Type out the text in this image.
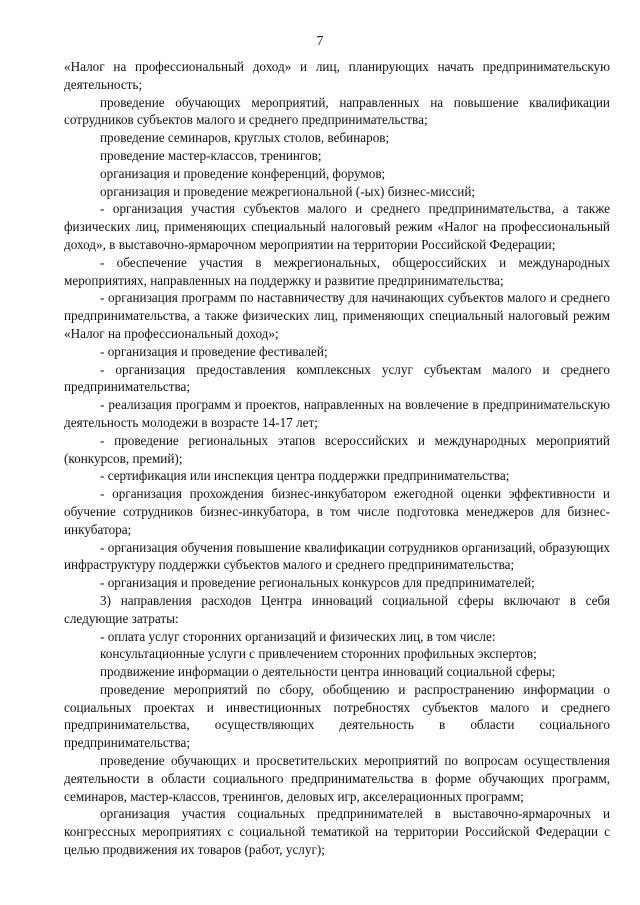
7

«Налог на профессиональный доход» и лиц, планирующих начать предпринимательскую деятельность;

проведение обучающих мероприятий, направленных на повышение квалификации сотрудников субъектов малого и среднего предпринимательства;

проведение семинаров, круглых столов, вебинаров;

проведение мастер-классов, тренингов;

организация и проведение конференций, форумов;

организация и проведение межрегиональной (-ых) бизнес-миссий;

- организация участия субъектов малого и среднего предпринимательства, а также физических лиц, применяющих специальный налоговый режим «Налог на профессиональный доход», в выставочно-ярмарочном мероприятии на территории Российской Федерации;

- обеспечение участия в межрегиональных, общероссийских и международных мероприятиях, направленных на поддержку и развитие предпринимательства;

- организация программ по наставничеству для начинающих субъектов малого и среднего предпринимательства, а также физических лиц, применяющих специальный налоговый режим «Налог на профессиональный доход»;

- организация и проведение фестивалей;

- организация предоставления комплексных услуг субъектам малого и среднего предпринимательства;

- реализация программ и проектов, направленных на вовлечение в предпринимательскую деятельность молодежи в возрасте 14-17 лет;

- проведение региональных этапов всероссийских и международных мероприятий (конкурсов, премий);

- сертификация или инспекция центра поддержки предпринимательства;

- организация прохождения бизнес-инкубатором ежегодной оценки эффективности и обучение сотрудников бизнес-инкубатора, в том числе подготовка менеджеров для бизнес-инкубатора;

- организация обучения повышение квалификации сотрудников организаций, образующих инфраструктуру поддержки субъектов малого и среднего предпринимательства;

- организация и проведение региональных конкурсов для предпринимателей;

3) направления расходов Центра инноваций социальной сферы включают в себя следующие затраты:

- оплата услуг сторонних организаций и физических лиц, в том числе:

консультационные услуги с привлечением сторонних профильных экспертов;

продвижение информации о деятельности центра инноваций социальной сферы;

проведение мероприятий по сбору, обобщению и распространению информации о социальных проектах и инвестиционных потребностях субъектов малого и среднего предпринимательства, осуществляющих деятельность в области социального предпринимательства;

проведение обучающих и просветительских мероприятий по вопросам осуществления деятельности в области социального предпринимательства в форме обучающих программ, семинаров, мастер-классов, тренингов, деловых игр, акселерационных программ;

организация участия социальных предпринимателей в выставочно-ярмарочных и конгрессных мероприятиях с социальной тематикой на территории Российской Федерации с целью продвижения их товаров (работ, услуг);
